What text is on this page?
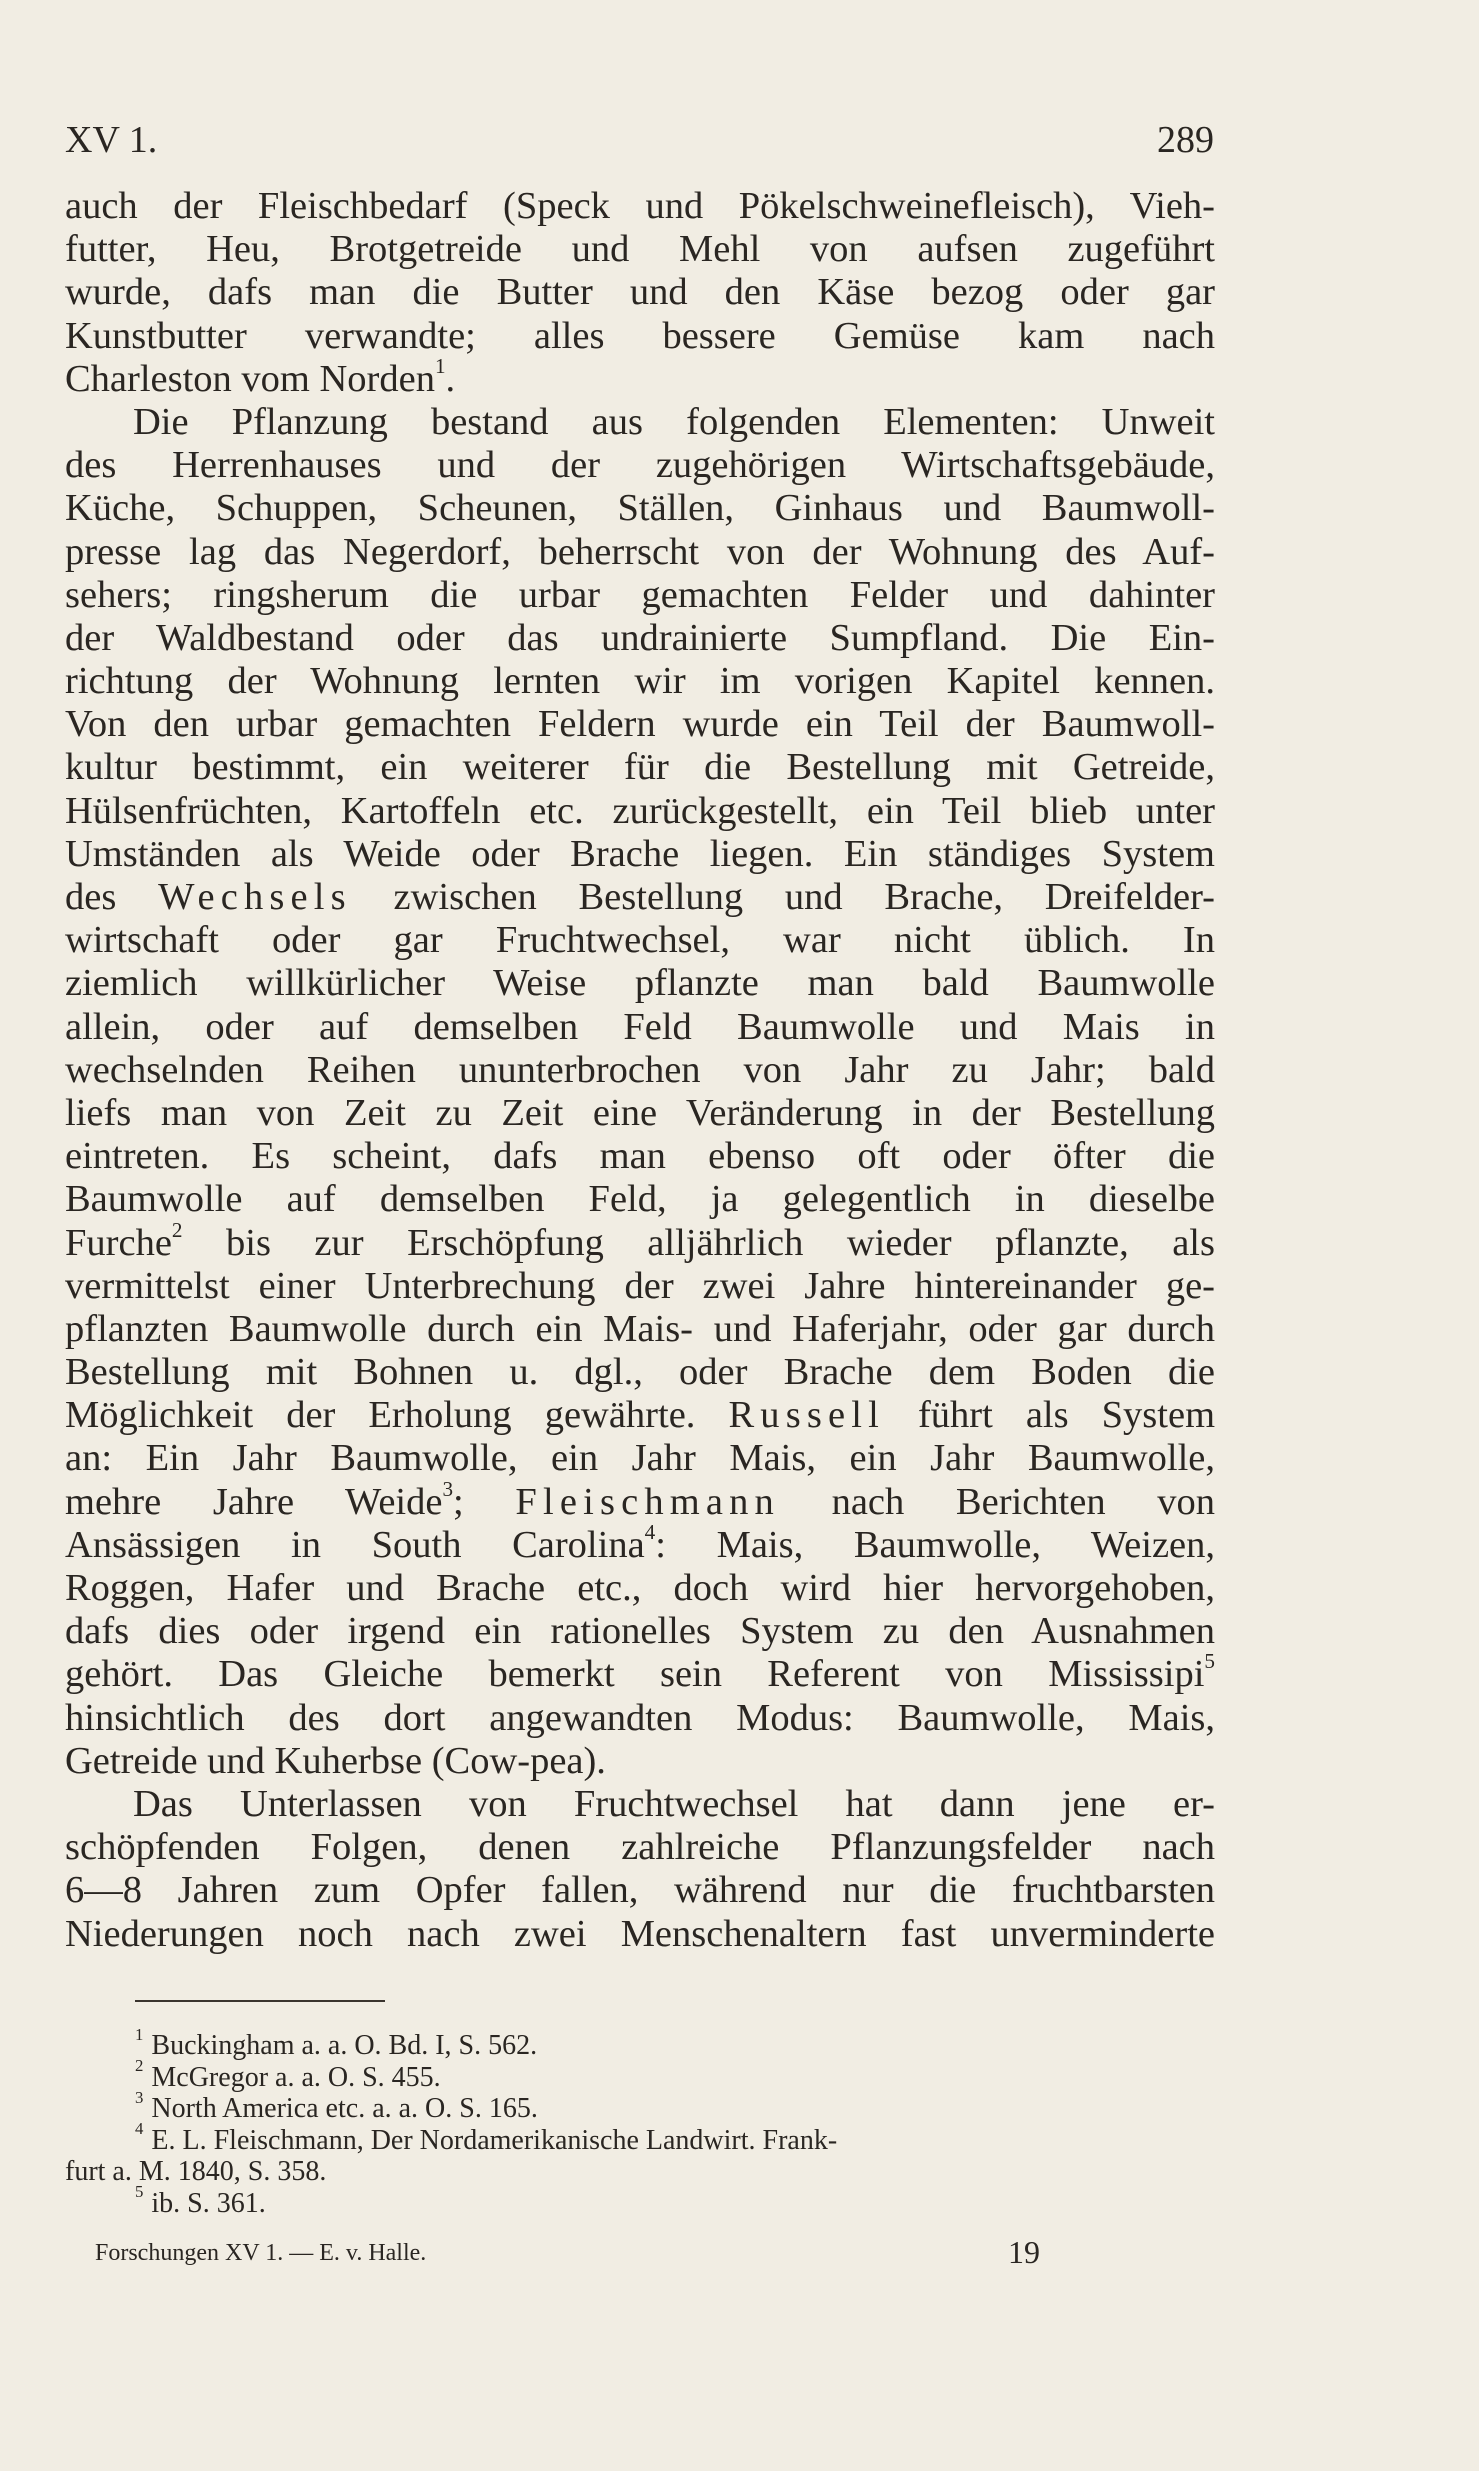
XV 1.	289
auch der Fleischbedarf (Speck und Pökelschweinefleisch), Vieh-
futter, Heu, Brotgetreide und Mehl von aufsen zugeführt
wurde, dafs man die Butter und den Käse bezog oder gar
Kunstbutter verwandte; alles bessere Gemüse kam nach
Charleston vom Norden$^1$.
Die Pflanzung bestand aus folgenden Elementen: Unweit
des Herrenhauses und der zugehörigen Wirtschaftsgebäude,
Küche, Schuppen, Scheunen, Ställen, Ginhaus und Baumwoll-
presse lag das Negerdorf, beherrscht von der Wohnung des Auf-
sehers; ringsherum die urbar gemachten Felder und dahinter
der Waldbestand oder das undrainierte Sumpfland. Die Ein-
richtung der Wohnung lernten wir im vorigen Kapitel kennen.
Von den urbar gemachten Feldern wurde ein Teil der Baumwoll-
kultur bestimmt, ein weiterer für die Bestellung mit Getreide,
Hülsenfrüchten, Kartoffeln etc. zurückgestellt, ein Teil blieb unter
Umständen als Weide oder Brache liegen. Ein ständiges System
des Wechsels zwischen Bestellung und Brache, Dreifelder-
wirtschaft oder gar Fruchtwechsel, war nicht üblich. In
ziemlich willkürlicher Weise pflanzte man bald Baumwolle
allein, oder auf demselben Feld Baumwolle und Mais in
wechselnden Reihen ununterbrochen von Jahr zu Jahr; bald
liefs man von Zeit zu Zeit eine Veränderung in der Bestellung
eintreten. Es scheint, dafs man ebenso oft oder öfter die
Baumwolle auf demselben Feld, ja gelegentlich in dieselbe
Furche$^2$ bis zur Erschöpfung alljährlich wieder pflanzte, als
vermittelst einer Unterbrechung der zwei Jahre hintereinander ge-
pflanzten Baumwolle durch ein Mais- und Haferjahr, oder gar durch
Bestellung mit Bohnen u. dgl., oder Brache dem Boden die
Möglichkeit der Erholung gewährte. Russell führt als System
an: Ein Jahr Baumwolle, ein Jahr Mais, ein Jahr Baumwolle,
mehre Jahre Weide$^3$; Fleischmann nach Berichten von
Ansässigen in South Carolina$^4$: Mais, Baumwolle, Weizen,
Roggen, Hafer und Brache etc., doch wird hier hervorgehoben,
dafs dies oder irgend ein rationelles System zu den Ausnahmen
gehört. Das Gleiche bemerkt sein Referent von Mississipi$^5$
hinsichtlich des dort angewandten Modus: Baumwolle, Mais,
Getreide und Kuherbse (Cow-pea).
Das Unterlassen von Fruchtwechsel hat dann jene er-
schöpfenden Folgen, denen zahlreiche Pflanzungsfelder nach
6—8 Jahren zum Opfer fallen, während nur die fruchtbarsten
Niederungen noch nach zwei Menschenaltern fast unverminderte
$^1$ Buckingham a. a. O. Bd. I, S. 562.
$^2$ McGregor a. a. O. S. 455.
$^3$ North America etc. a. a. O. S. 165.
$^4$ E. L. Fleischmann, Der Nordamerikanische Landwirt. Frank-
furt a. M. 1840, S. 358.
$^5$ ib. S. 361.
Forschungen XV 1. — E. v. Halle.	19
